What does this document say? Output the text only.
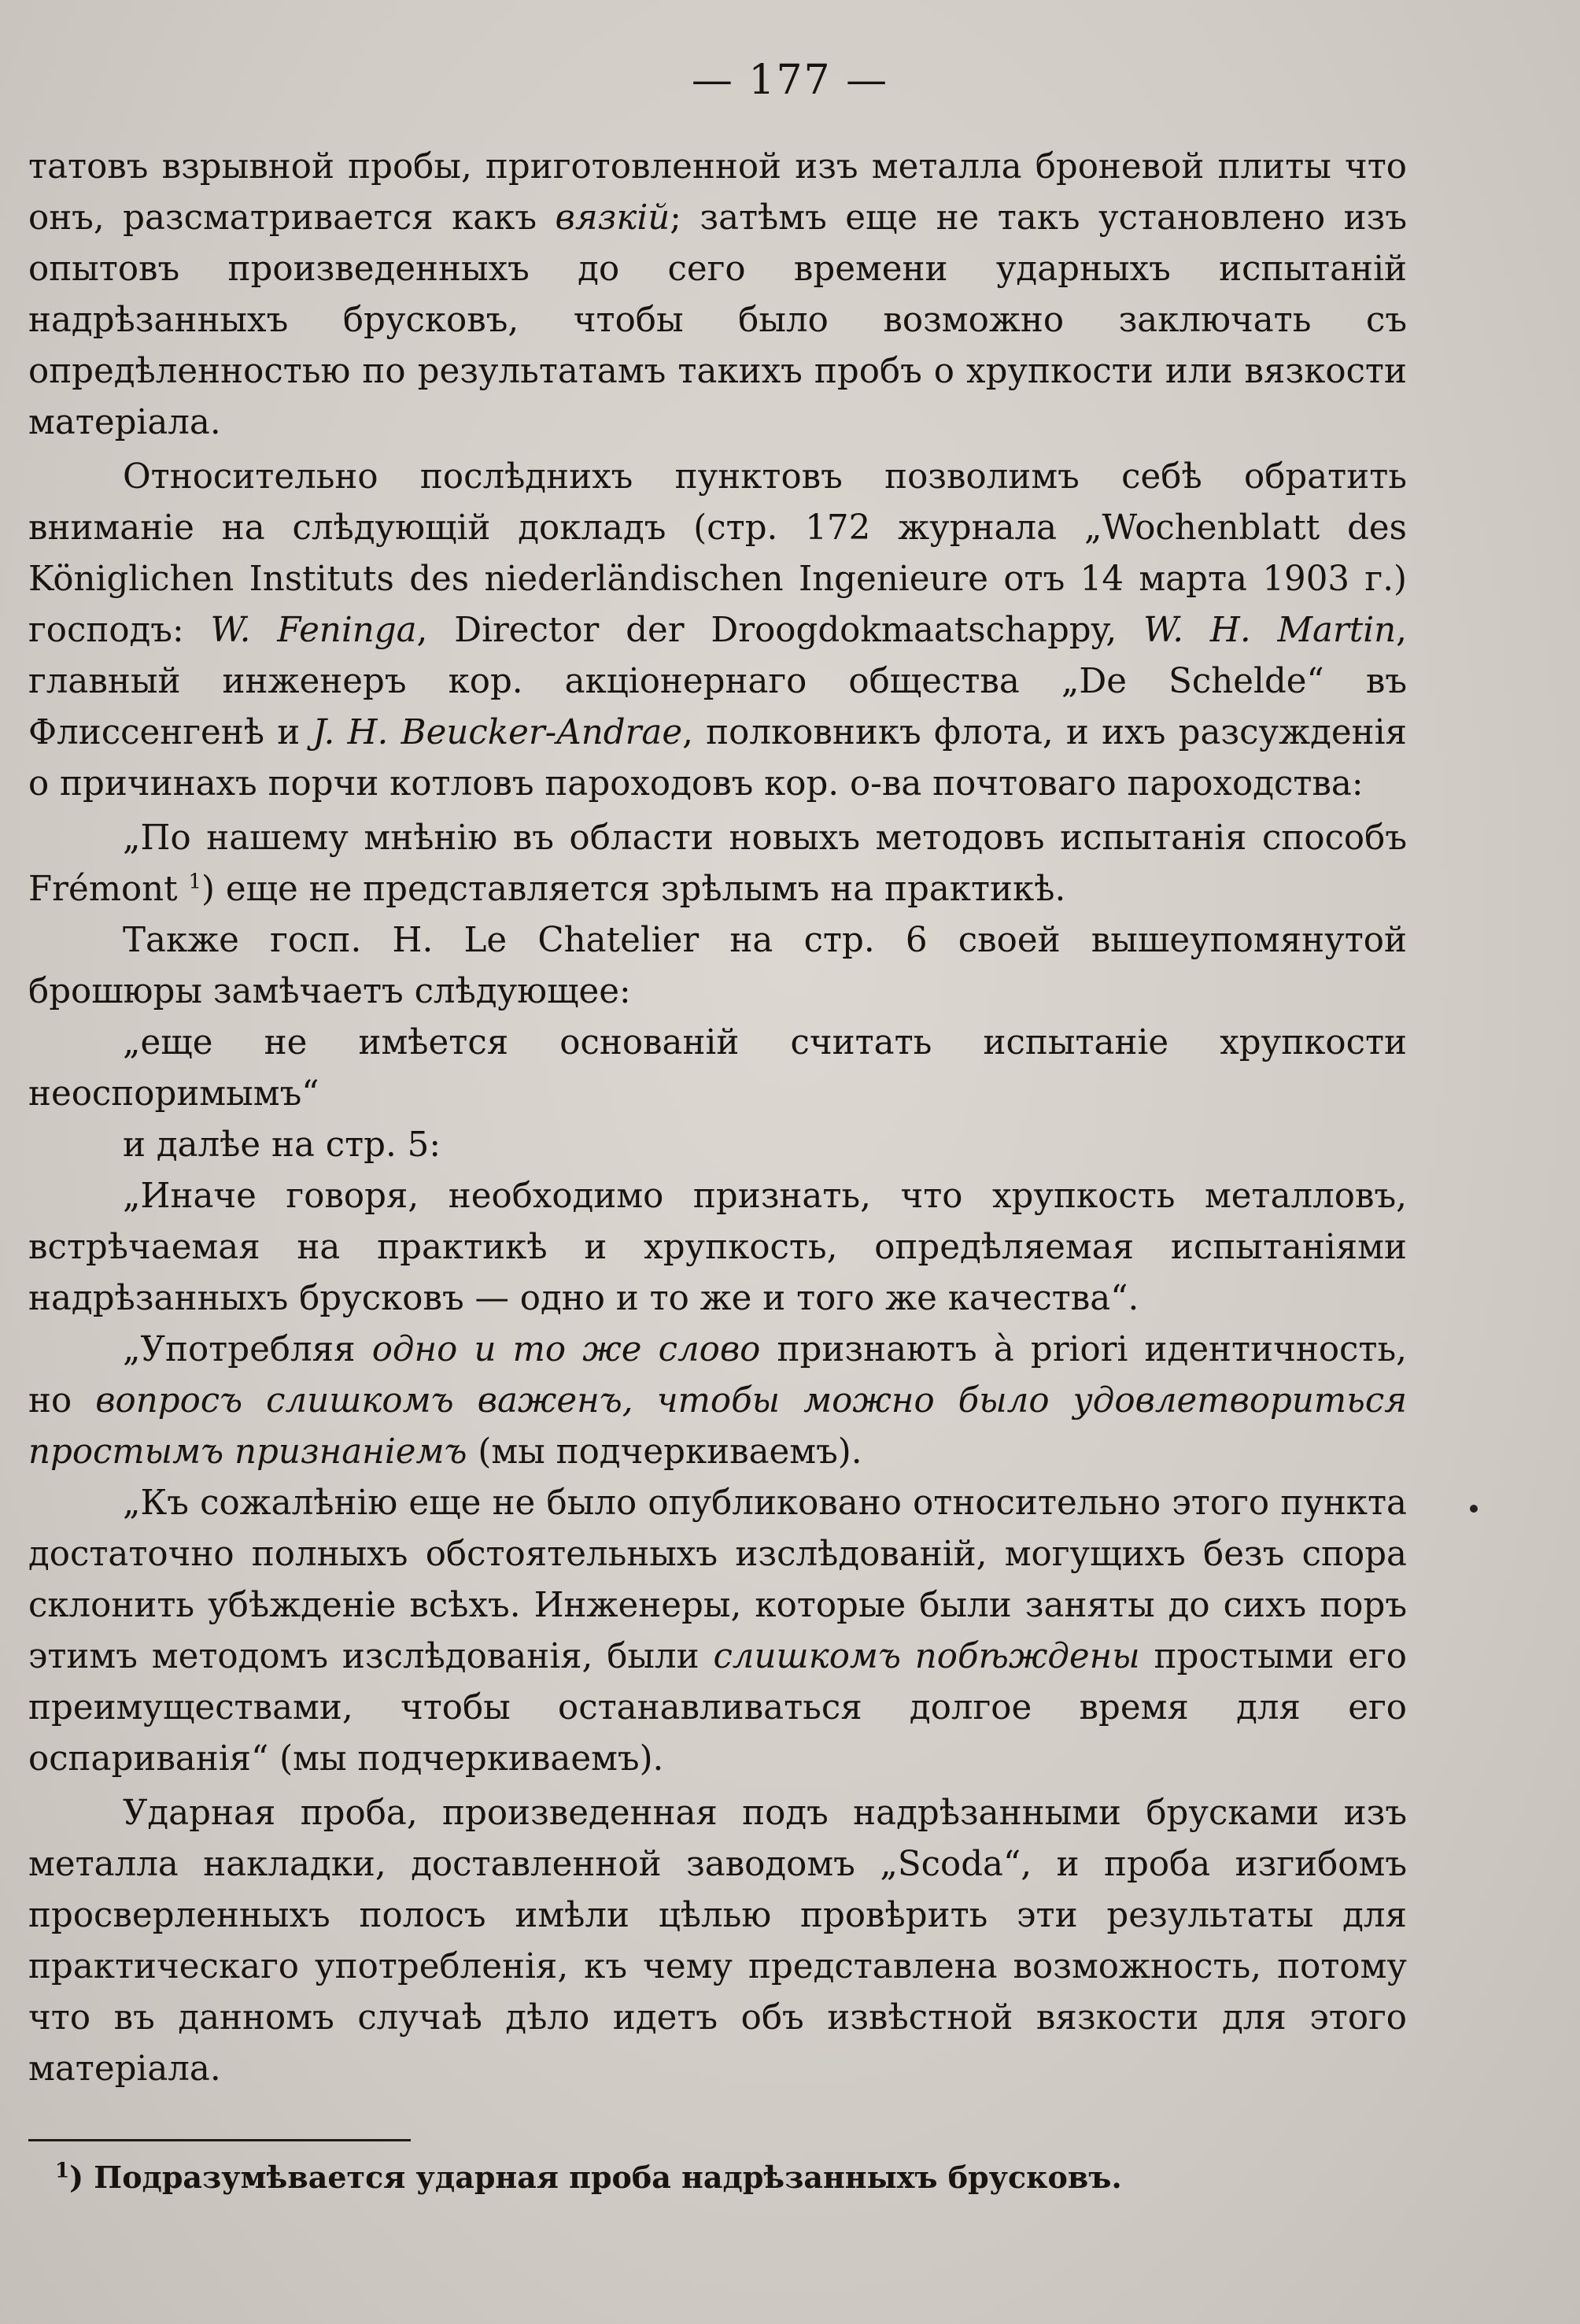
— 177 —

татовъ взрывной пробы, приготовленной изъ металла броневой плиты что онъ, разсматривается какъ вязкій; затѣмъ еще не такъ установлено изъ опытовъ произведенныхъ до сего времени ударныхъ испытаній надрѣзанныхъ брусковъ, чтобы было возможно заключать съ опредѣленностью по результатамъ такихъ пробъ о хрупкости или вязкости матеріала.

Относительно послѣднихъ пунктовъ позволимъ себѣ обратить вниманіе на слѣдующій докладъ (стр. 172 журнала „Wochenblatt des Königlichen Instituts des niederländischen Ingenieure отъ 14 марта 1903 г.) господъ: W. Feninga, Director der Droogdokmaatschappy, W. H. Martin, главный инженеръ кор. акціонернаго общества „De Schelde“ въ Флиссенгенѣ и J. H. Beucker-Andrae, полковникъ флота, и ихъ разсужденія о причинахъ порчи котловъ пароходовъ кор. о-ва почтоваго пароходства:

„По нашему мнѣнію въ области новыхъ методовъ испытанія способъ Frémont $^1$) еще не представляется зрѣлымъ на практикѣ.

Также госп. H. Le Chatelier на стр. 6 своей вышеупомянутой брошюры замѣчаетъ слѣдующее:

„еще не имѣется основаній считать испытаніе хрупкости неоспоримымъ“

и далѣе на стр. 5:

„Иначе говоря, необходимо признать, что хрупкость металловъ, встрѣчаемая на практикѣ и хрупкость, опредѣляемая испытаніями надрѣзанныхъ брусковъ — одно и то же и того же качества“.

„Употребляя одно и то же слово признаютъ à priori идентичность, но вопросъ слишкомъ важенъ, чтобы можно было удовлетвориться простымъ признаніемъ (мы подчеркиваемъ).

„Къ сожалѣнію еще не было опубликовано относительно этого пункта достаточно полныхъ обстоятельныхъ изслѣдованій, могущихъ безъ спора склонить убѣжденіе всѣхъ. Инженеры, которые были заняты до сихъ поръ этимъ методомъ изслѣдованія, были слишкомъ побѣждены простыми его преимуществами, чтобы останавливаться долгое время для его оспариванія“ (мы подчеркиваемъ).

Ударная проба, произведенная подъ надрѣзанными брусками изъ металла накладки, доставленной заводомъ „Scoda“, и проба изгибомъ просверленныхъ полосъ имѣли цѣлью провѣрить эти результаты для практическаго употребленія, къ чему представлена возможность, потому что въ данномъ случаѣ дѣло идетъ объ извѣстной вязкости для этого матеріала.

$^1$) Подразумѣвается ударная проба надрѣзанныхъ брусковъ.
